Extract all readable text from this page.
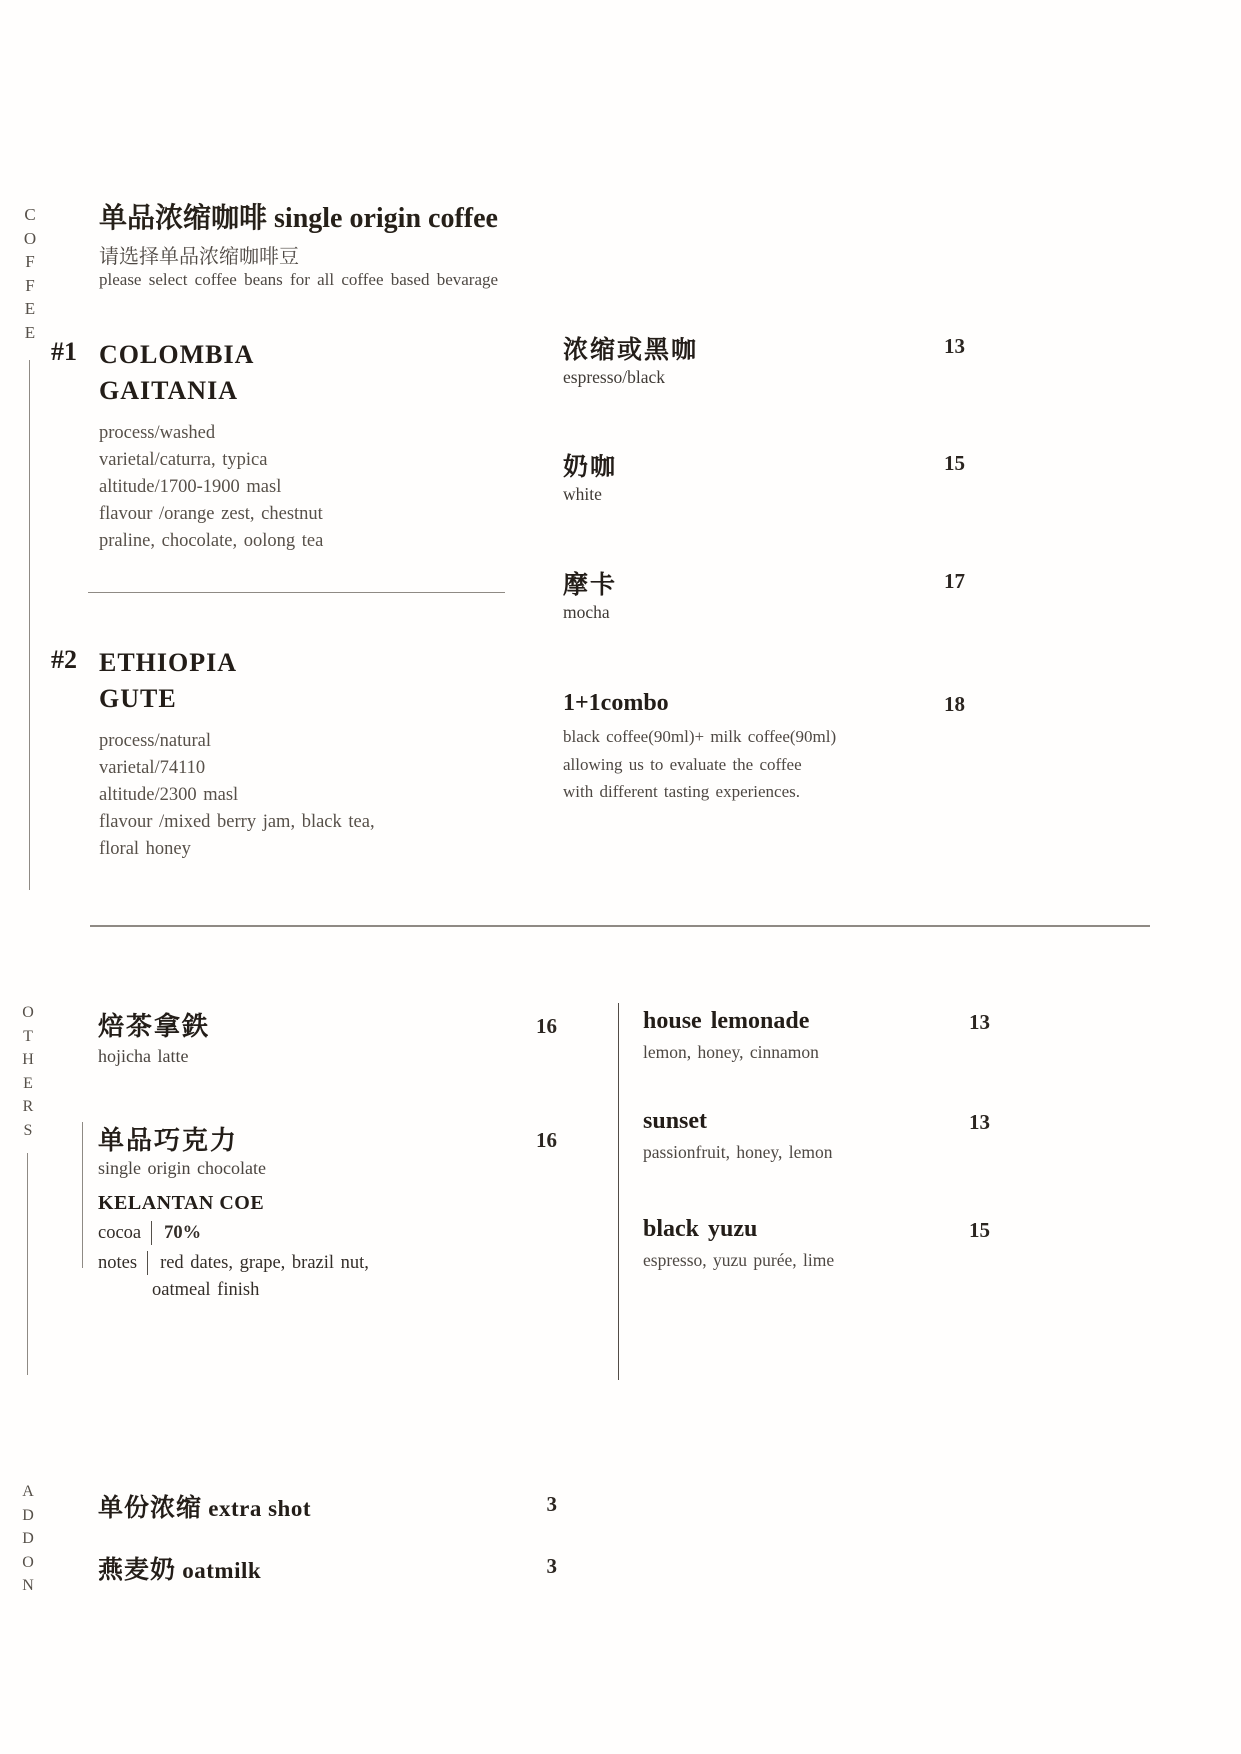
C
O
F
F
E
E
单品浓缩咖啡 single origin coffee
请选择单品浓缩咖啡豆
please select coffee beans for all coffee based bevarage
#1 COLOMBIA
GAITANIA
process/washed
varietal/caturra, typica
altitude/1700-1900 masl
flavour /orange zest, chestnut
praline, chocolate, oolong tea
#2 ETHIOPIA
GUTE
process/natural
varietal/74110
altitude/2300 masl
flavour /mixed berry jam, black tea,
floral honey
浓缩或黑咖
espresso/black
13
奶咖
white
15
摩卡
mocha
17
1+1combo	18
black coffee(90ml)+ milk coffee(90ml)
allowing us to evaluate the coffee
with different tasting experiences.
O
T
H
E
R
S
焙茶拿鉄
hojicha latte
16
单品巧克力
single origin chocolate
16
KELANTAN COE
cocoa 70%
notes red dates, grape, brazil nut,
oatmeal finish
house lemonade
lemon, honey, cinnamon
13
sunset
passionfruit, honey, lemon
13
black yuzu
espresso, yuzu purée, lime
15
A
D
D
O
N
单份浓缩 extra shot	3
燕麦奶 oatmilk	3
